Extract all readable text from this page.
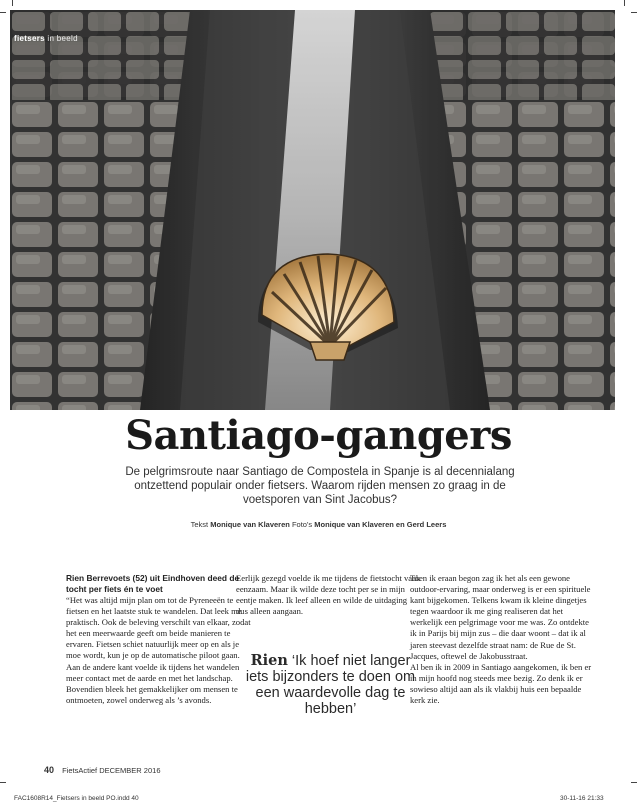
fietsers in beeld
Santiago-gangers
De pelgrimsroute naar Santiago de Compostela in Spanje is al decennialang ontzettend populair onder fietsers. Waarom rijden mensen zo graag in de voetsporen van Sint Jacobus?
Tekst Monique van Klaveren Foto's Monique van Klaveren en Gerd Leers

Rien Berrevoets (52) uit Eindhoven deed de tocht per fiets én te voet

“Het was altijd mijn plan om tot de Pyreneeën te fietsen en het laatste stuk te wandelen. Dat leek me praktisch. Ook de beleving verschilt van elkaar, zodat het een meerwaarde geeft om beide manieren te ervaren. Fietsen schiet natuurlijk meer op en als je moe wordt, kun je op de automatische piloot gaan. Aan de andere kant voelde ik tijdens het wandelen meer contact met de aarde en met het landschap. Bovendien bleek het gemakkelijker om mensen te ontmoeten, zowel onderweg als ’s avonds.

Eerlijk gezegd voelde ik me tijdens de fietstocht vaak eenzaam. Maar ik wilde deze tocht per se in mijn eentje maken. Ik leef alleen en wilde de uitdaging dus alleen aangaan.

Rien ‘Ik hoef niet langer iets bijzonders te doen om een waardevolle dag te hebben’

Toen ik eraan begon zag ik het als een gewone outdoor-ervaring, maar onderweg is er een spirituele kant bijgekomen. Telkens kwam ik kleine dingetjes tegen waardoor ik me ging realiseren dat het werkelijk een pelgrimage voor me was. Zo ontdekte ik in Parijs bij mijn zus – die daar woont – dat ik al jaren steevast dezelfde straat nam: de Rue de St. Jacques, oftewel de Jakobusstraat.

Al ben ik in 2009 in Santiago aangekomen, ik ben er in mijn hoofd nog steeds mee bezig. Zo denk ik er sowieso altijd aan als ik vlakbij huis een bepaalde kerk zie.

40 FietsActief DECEMBER 2016
FAC1608R14_Fietsers in beeld PO.indd 40	30-11-16 21:33
